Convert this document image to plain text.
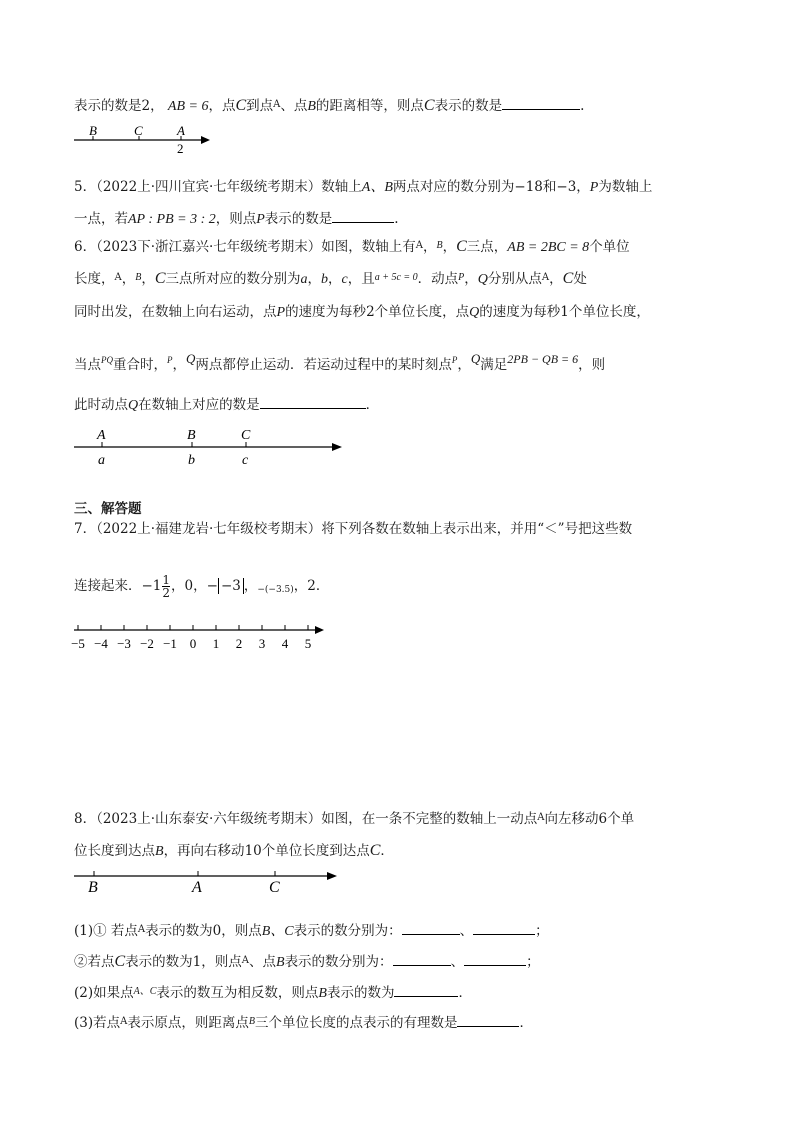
表示的数是2， AB = 6，点C到点$^A$、点B的距离相等，则点C表示的数是	.
B	C	A
2
5．（2022上·四川宜宾·七年级统考期末）数轴上A、B两点对应的数分别为−18和−3，P为数轴上
一点，若AP : PB = 3 : 2，则点P表示的数是	.
6．（2023下·浙江嘉兴·七年级统考期末）如图，数轴上有$^A$，$^B$，C三点，AB = 2BC = 8个单位
长度，$^A$，$^B$，C三点所对应的数分别为a，b，c，且$^{a + 5c = 0}$．动点$^P$，Q分别从点$^A$，C处
同时出发，在数轴上向右运动，点P的速度为每秒2个单位长度，点Q的速度为每秒1个单位长度，
当点$^{PQ}$重合时，$^P$，Q两点都停止运动．若运动过程中的某时刻点$^P$，Q满足2PB − QB = 6，则
此时动点Q在数轴上对应的数是	．
A	B	C
a	b	c
三、解答题
7．（2022上·福建龙岩·七年级校考期末）将下列各数在数轴上表示出来，并用“＜”号把这些数
连接起来．$-1 \frac{1}{2}$ ，0，− −3 ，−(−3.5)，2．
−5 −4 −3 −2 −1 0 1 2 3 4 5
8．（2023上·山东泰安·六年级统考期末）如图，在一条不完整的数轴上一动点$^A$向左移动6个单
位长度到达点B，再向右移动10个单位长度到达点C．
B	A	C
(1)① 若点$^A$表示的数为0，则点B、C表示的数分别为：	、	；
②若点C表示的数为1，则点$^A$、点B表示的数分别为：	、	；
(2)如果点$^{A、C}$表示的数互为相反数，则点B表示的数为	．
(3)若点$^A$表示原点，则距离点$^B$三个单位长度的点表示的有理数是	．
